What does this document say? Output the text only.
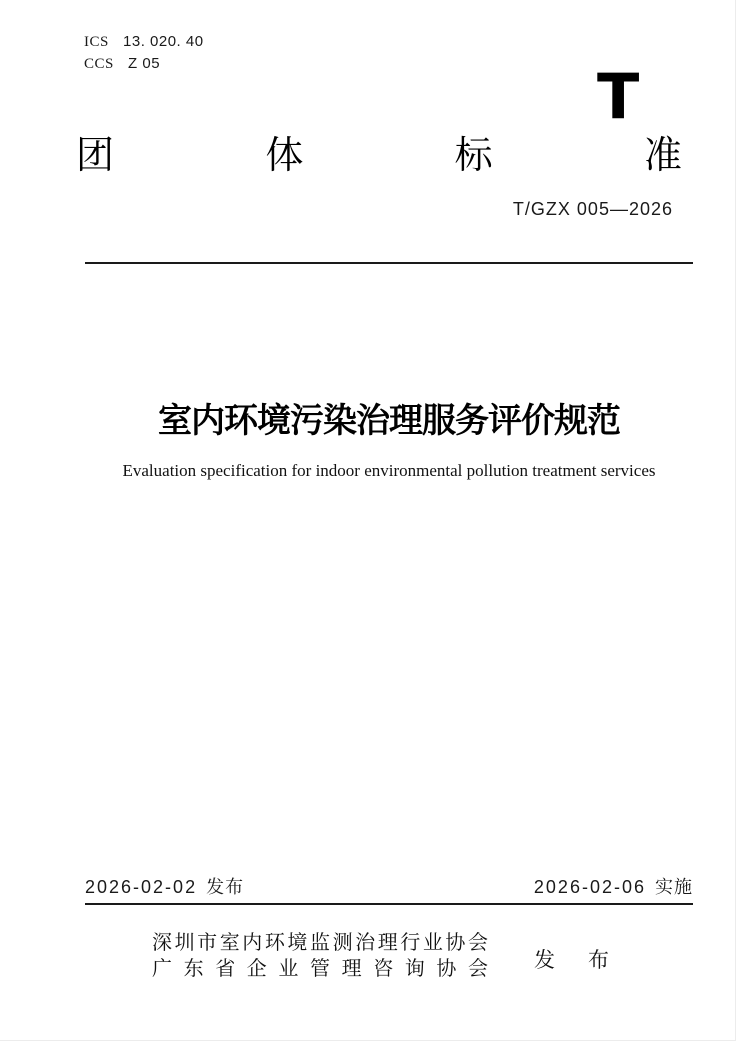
ICS 13. 020. 40
CCS Z 05	T
团体标准
T/GZX 005—2026
室内环境污染治理服务评价规范
Evaluation specification for indoor environmental pollution treatment services
2026-02-02 发布	2026-02-06 实施
深圳市室内环境监测治理行业协会
广东省企业管理咨询协会 发　布
